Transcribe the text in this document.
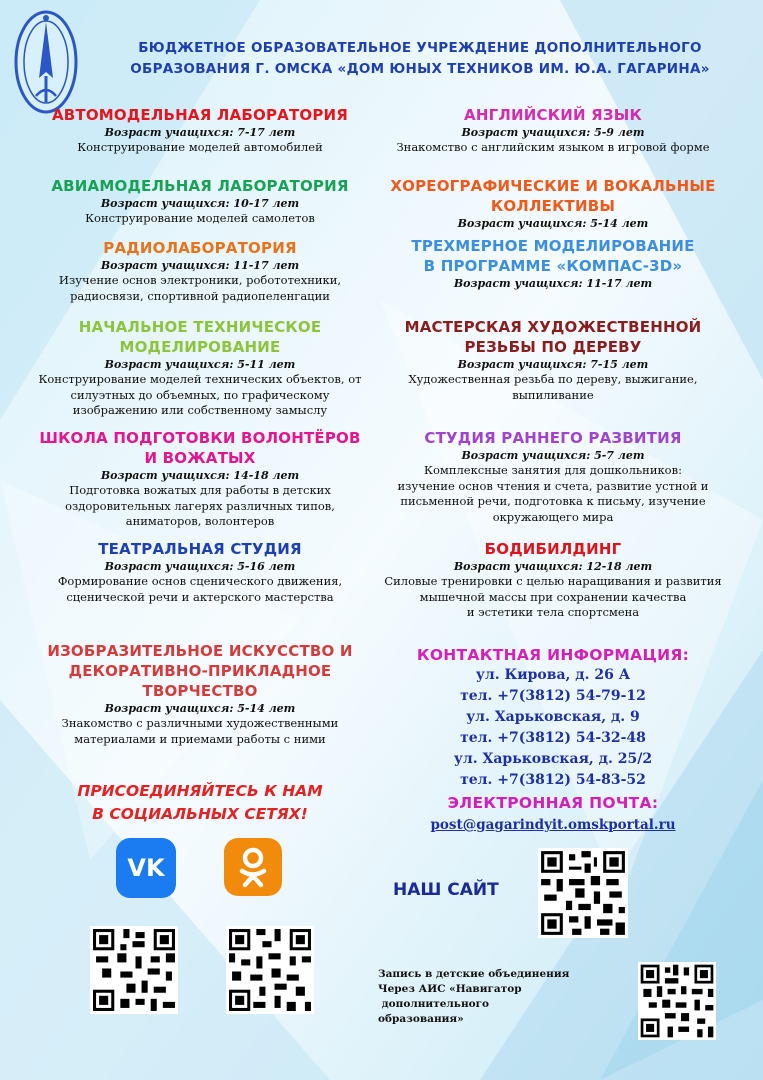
БЮДЖЕТНОЕ ОБРАЗОВАТЕЛЬНОЕ УЧРЕЖДЕНИЕ ДОПОЛНИТЕЛЬНОГО
ОБРАЗОВАНИЯ Г. ОМСКА «ДОМ ЮНЫХ ТЕХНИКОВ ИМ. Ю.А. ГАГАРИНА»
АВТОМОДЕЛЬНАЯ ЛАБОРАТОРИЯ
Возраст учащихся: 7-17 лет
Конструирование моделей автомобилей
АВИАМОДЕЛЬНАЯ ЛАБОРАТОРИЯ
Возраст учащихся: 10-17 лет
Конструирование моделей самолетов
РАДИОЛАБОРАТОРИЯ
Возраст учащихся: 11-17 лет
Изучение основ электроники, робототехники,
радиосвязи, спортивной радиопеленгации
НАЧАЛЬНОЕ ТЕХНИЧЕСКОЕ
МОДЕЛИРОВАНИЕ
Возраст учащихся: 5-11 лет
Конструирование моделей технических объектов, от
силуэтных до объемных, по графическому
изображению или собственному замыслу
ШКОЛА ПОДГОТОВКИ ВОЛОНТЁРОВ
И ВОЖАТЫХ
Возраст учащихся: 14-18 лет
Подготовка вожатых для работы в детских
оздоровительных лагерях различных типов,
аниматоров, волонтеров
ТЕАТРАЛЬНАЯ СТУДИЯ
Возраст учащихся: 5-16 лет
Формирование основ сценического движения,
сценической речи и актерского мастерства
ИЗОБРАЗИТЕЛЬНОЕ ИСКУССТВО И
ДЕКОРАТИВНО-ПРИКЛАДНОЕ
ТВОРЧЕСТВО
Возраст учащихся: 5-14 лет
Знакомство с различными художественными
материалами и приемами работы с ними
АНГЛИЙСКИЙ ЯЗЫК
Возраст учащихся: 5-9 лет
Знакомство с английским языком в игровой форме
ХОРЕОГРАФИЧЕСКИЕ И ВОКАЛЬНЫЕ
КОЛЛЕКТИВЫ
Возраст учащихся: 5-14 лет
ТРЕХМЕРНОЕ МОДЕЛИРОВАНИЕ
В ПРОГРАММЕ «КОМПАС-3D»
Возраст учащихся: 11-17 лет
МАСТЕРСКАЯ ХУДОЖЕСТВЕННОЙ
РЕЗЬБЫ ПО ДЕРЕВУ
Возраст учащихся: 7-15 лет
Художественная резьба по дереву, выжигание,
выпиливание
СТУДИЯ РАННЕГО РАЗВИТИЯ
Возраст учащихся: 5-7 лет
Комплексные занятия для дошкольников:
изучение основ чтения и счета, развитие устной и
письменной речи, подготовка к письму, изучение
окружающего мира
БОДИБИЛДИНГ
Возраст учащихся: 12-18 лет
Силовые тренировки с целью наращивания и развития
мышечной массы при сохранении качества
и эстетики тела спортсмена
КОНТАКТНАЯ ИНФОРМАЦИЯ:
ул. Кирова, д. 26 А
тел. +7(3812) 54-79-12
ул. Харьковская, д. 9
тел. +7(3812) 54-32-48
ул. Харьковская, д. 25/2
тел. +7(3812) 54-83-52
ЭЛЕКТРОННАЯ ПОЧТА:
post@gagarindyit.omskportal.ru
ПРИСОЕДИНЯЙТЕСЬ К НАМ
В СОЦИАЛЬНЫХ СЕТЯХ!
VK
НАШ САЙТ
Запись в детские объединения
Через АИС «Навигатор
дополнительного
образования»
